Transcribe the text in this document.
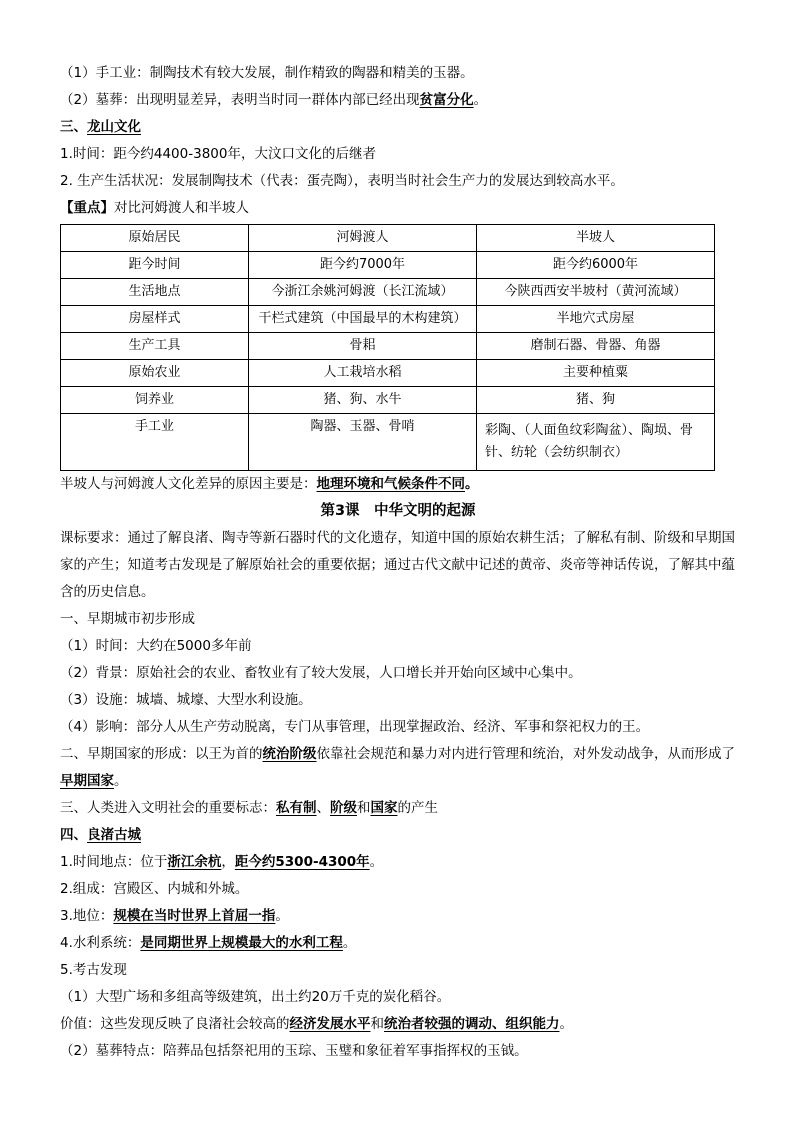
（1）手工业：制陶技术有较大发展，制作精致的陶器和精美的玉器。
（2）墓葬：出现明显差异，表明当时同一群体内部已经出现贫富分化。
三、龙山文化
1.时间：距今约4400-3800年，大汶口文化的后继者
2. 生产生活状况：发展制陶技术（代表：蛋壳陶），表明当时社会生产力的发展达到较高水平。
【重点】对比河姆渡人和半坡人
原始居民	河姆渡人	半坡人
距今时间	距今约7000年	距今约6000年
生活地点	今浙江余姚河姆渡（长江流域）	今陕西西安半坡村（黄河流域）
房屋样式	干栏式建筑（中国最早的木构建筑）	半地穴式房屋
生产工具	骨耜	磨制石器、骨器、角器
原始农业	人工栽培水稻	主要种植粟
饲养业	猪、狗、水牛	猪、狗
手工业	陶器、玉器、骨哨	彩陶、（人面鱼纹彩陶盆）、陶埙、骨针、纺轮（会纺织制衣）
半坡人与河姆渡人文化差异的原因主要是：地理环境和气候条件不同。
第3课　中华文明的起源
课标要求：通过了解良渚、陶寺等新石器时代的文化遗存，知道中国的原始农耕生活；了解私有制、阶级和早期国家的产生；知道考古发现是了解原始社会的重要依据；通过古代文献中记述的黄帝、炎帝等神话传说，了解其中蕴含的历史信息。
一、早期城市初步形成
（1）时间：大约在5000多年前
（2）背景：原始社会的农业、畜牧业有了较大发展，人口增长并开始向区域中心集中。
（3）设施：城墙、城壕、大型水利设施。
（4）影响：部分人从生产劳动脱离，专门从事管理，出现掌握政治、经济、军事和祭祀权力的王。
二、早期国家的形成：以王为首的统治阶级依靠社会规范和暴力对内进行管理和统治，对外发动战争，从而形成了早期国家。
三、人类进入文明社会的重要标志：私有制、阶级和国家的产生
四、良渚古城
1.时间地点：位于浙江余杭，距今约5300-4300年。
2.组成：宫殿区、内城和外城。
3.地位：规模在当时世界上首屈一指。
4.水利系统：是同期世界上规模最大的水利工程。
5.考古发现
（1）大型广场和多组高等级建筑，出土约20万千克的炭化稻谷。
价值：这些发现反映了良渚社会较高的经济发展水平和统治者较强的调动、组织能力。
（2）墓葬特点：陪葬品包括祭祀用的玉琮、玉璧和象征着军事指挥权的玉钺。
